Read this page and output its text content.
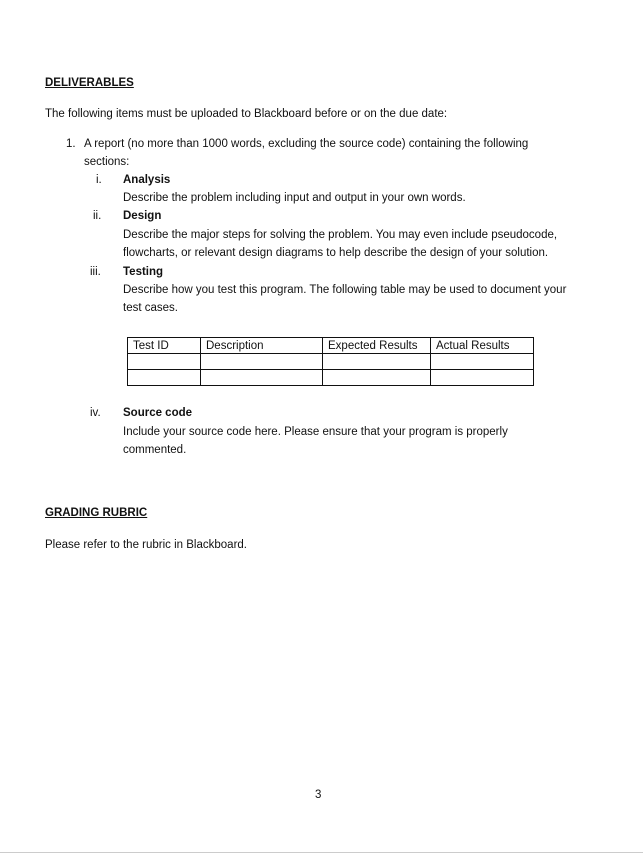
DELIVERABLES
The following items must be uploaded to Blackboard before or on the due date:
1. A report (no more than 1000 words, excluding the source code) containing the following
sections:
i. Analysis
Describe the problem including input and output in your own words.
ii. Design
Describe the major steps for solving the problem. You may even include pseudocode,
flowcharts, or relevant design diagrams to help describe the design of your solution.
iii. Testing
Describe how you test this program. The following table may be used to document your
test cases.
Test ID	Description	Expected Results	Actual Results

iv. Source code
Include your source code here. Please ensure that your program is properly
commented.
GRADING RUBRIC
Please refer to the rubric in Blackboard.
3
